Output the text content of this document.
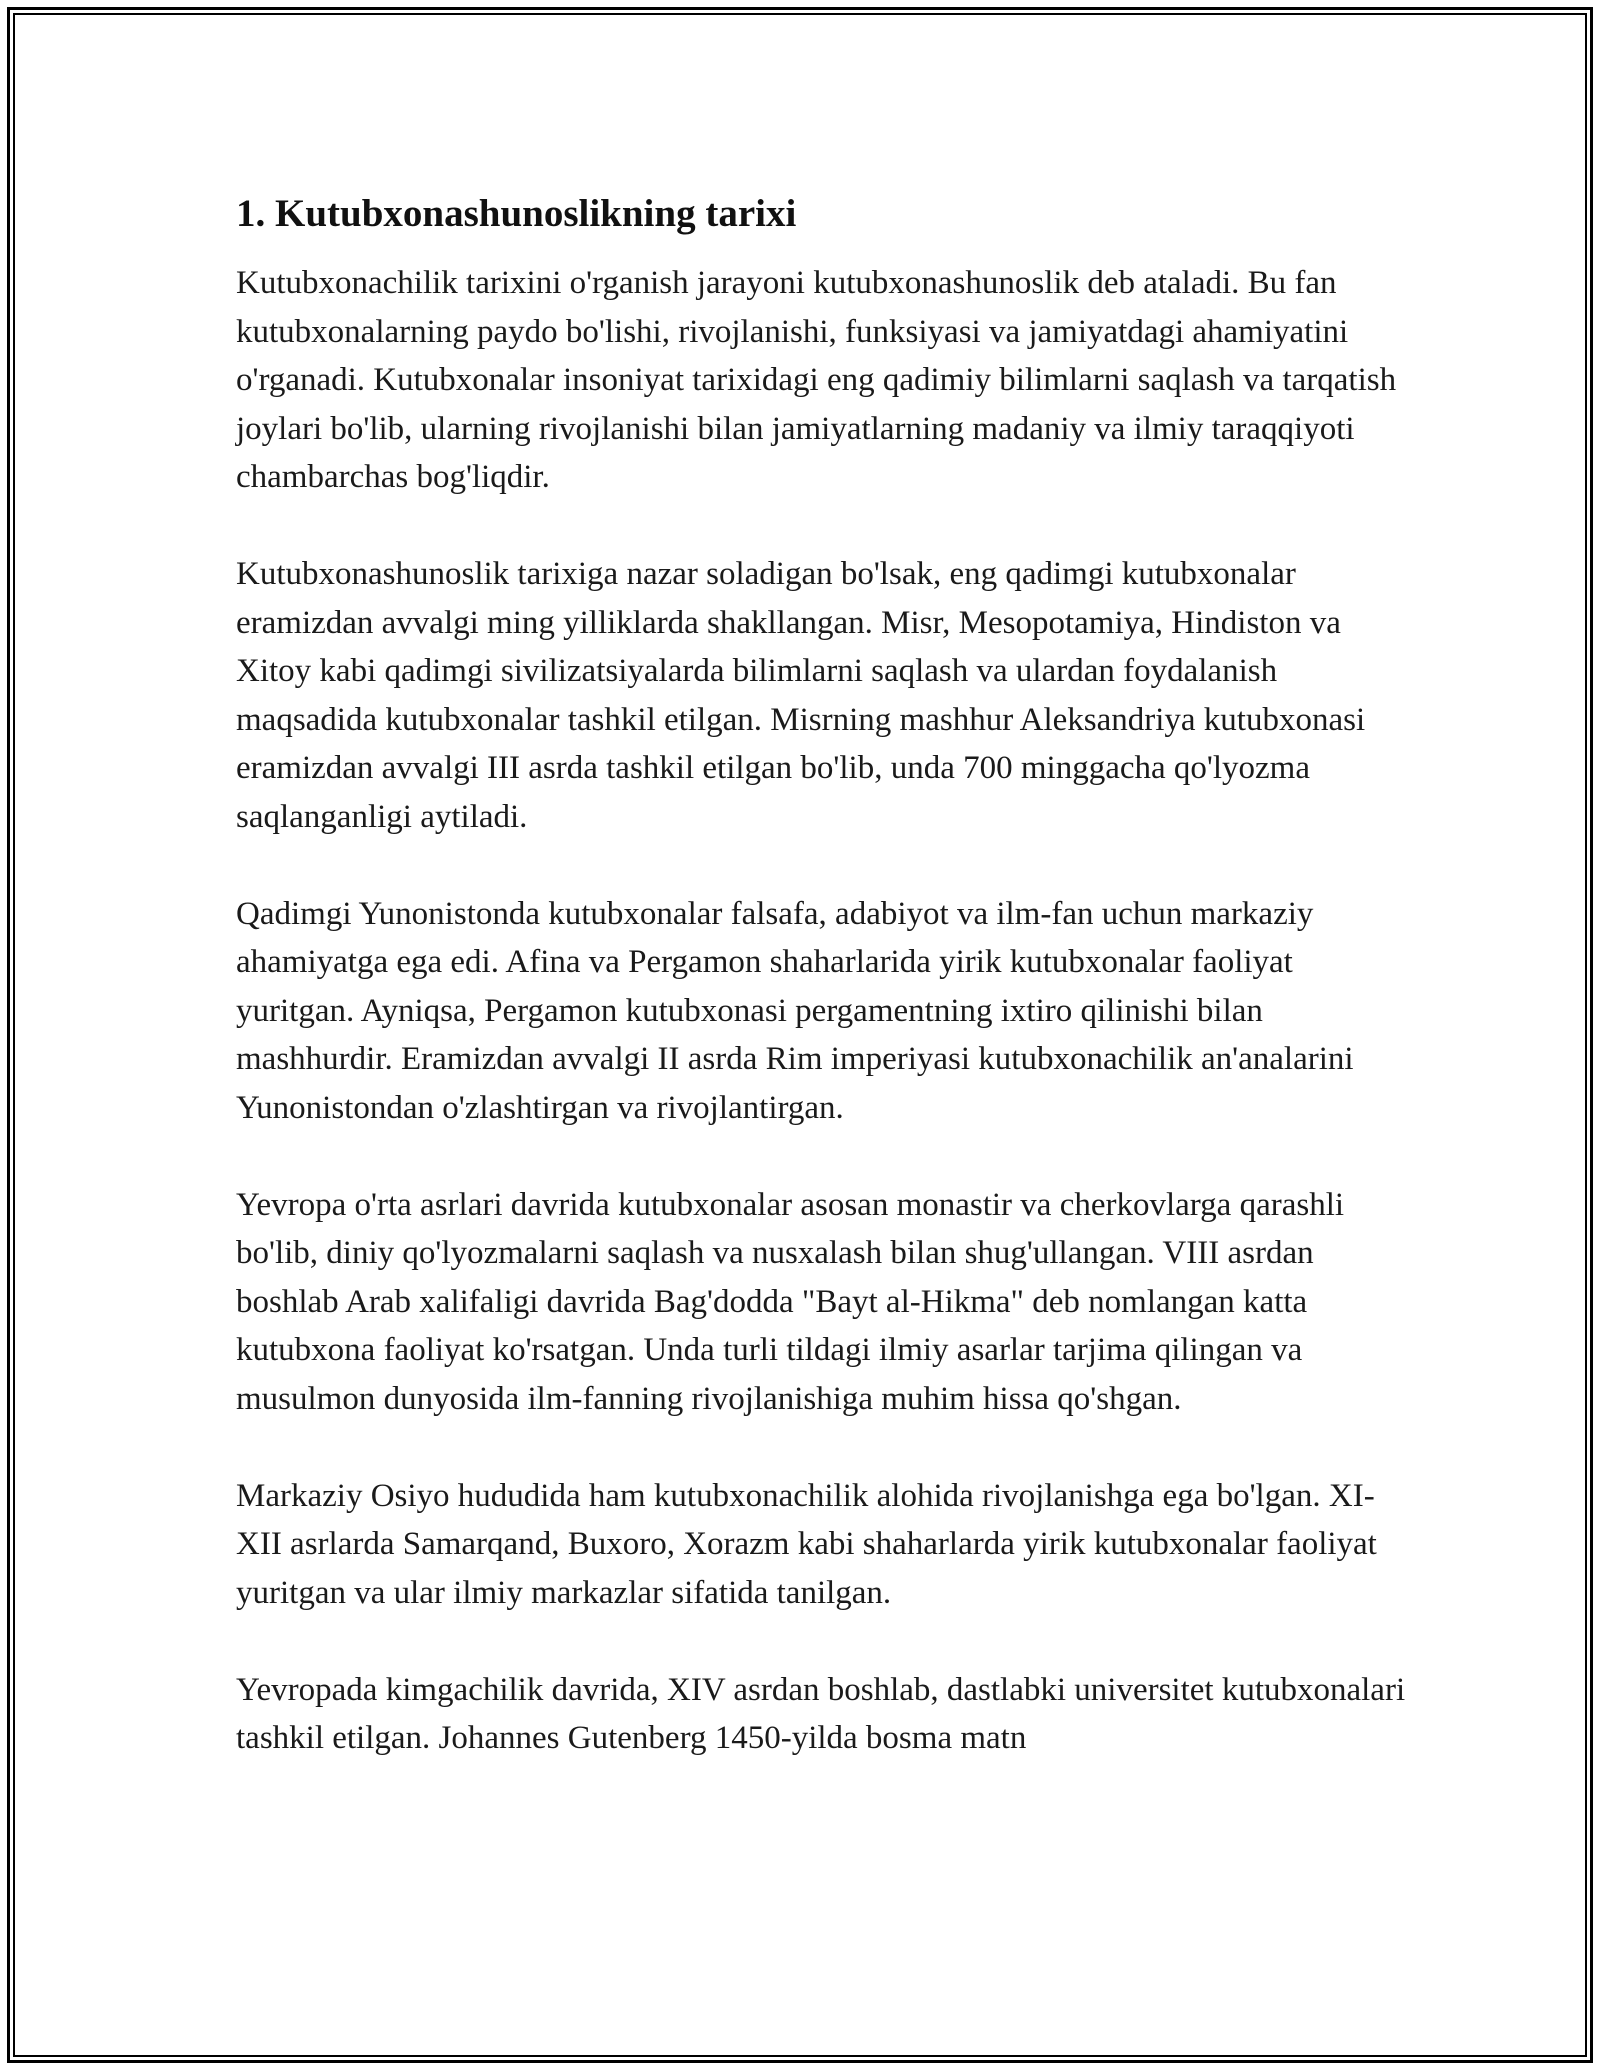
1. Kutubxonashunoslikning tarixi

Kutubxonachilik tarixini o'rganish jarayoni kutubxonashunoslik deb ataladi. Bu fan kutubxonalarning paydo bo'lishi, rivojlanishi, funksiyasi va jamiyatdagi ahamiyatini o'rganadi. Kutubxonalar insoniyat tarixidagi eng qadimiy bilimlarni saqlash va tarqatish joylari bo'lib, ularning rivojlanishi bilan jamiyatlarning madaniy va ilmiy taraqqiyoti chambarchas bog'liqdir.

Kutubxonashunoslik tarixiga nazar soladigan bo'lsak, eng qadimgi kutubxonalar eramizdan avvalgi ming yilliklarda shakllangan. Misr, Mesopotamiya, Hindiston va Xitoy kabi qadimgi sivilizatsiyalarda bilimlarni saqlash va ulardan foydalanish maqsadida kutubxonalar tashkil etilgan. Misrning mashhur Aleksandriya kutubxonasi eramizdan avvalgi III asrda tashkil etilgan bo'lib, unda 700 minggacha qo'lyozma saqlanganligi aytiladi.

Qadimgi Yunonistonda kutubxonalar falsafa, adabiyot va ilm-fan uchun markaziy ahamiyatga ega edi. Afina va Pergamon shaharlarida yirik kutubxonalar faoliyat yuritgan. Ayniqsa, Pergamon kutubxonasi pergamentning ixtiro qilinishi bilan mashhurdir. Eramizdan avvalgi II asrda Rim imperiyasi kutubxonachilik an'analarini Yunonistondan o'zlashtirgan va rivojlantirgan.

Yevropa o'rta asrlari davrida kutubxonalar asosan monastir va cherkovlarga qarashli bo'lib, diniy qo'lyozmalarni saqlash va nusxalash bilan shug'ullangan. VIII asrdan boshlab Arab xalifaligi davrida Bag'dodda "Bayt al-Hikma" deb nomlangan katta kutubxona faoliyat ko'rsatgan. Unda turli tildagi ilmiy asarlar tarjima qilingan va musulmon dunyosida ilm-fanning rivojlanishiga muhim hissa qo'shgan.

Markaziy Osiyo hududida ham kutubxonachilik alohida rivojlanishga ega bo'lgan. XI-XII asrlarda Samarqand, Buxoro, Xorazm kabi shaharlarda yirik kutubxonalar faoliyat yuritgan va ular ilmiy markazlar sifatida tanilgan.

Yevropada kimgachilik davrida, XIV asrdan boshlab, dastlabki universitet kutubxonalari tashkil etilgan. Johannes Gutenberg 1450-yilda bosma matn
